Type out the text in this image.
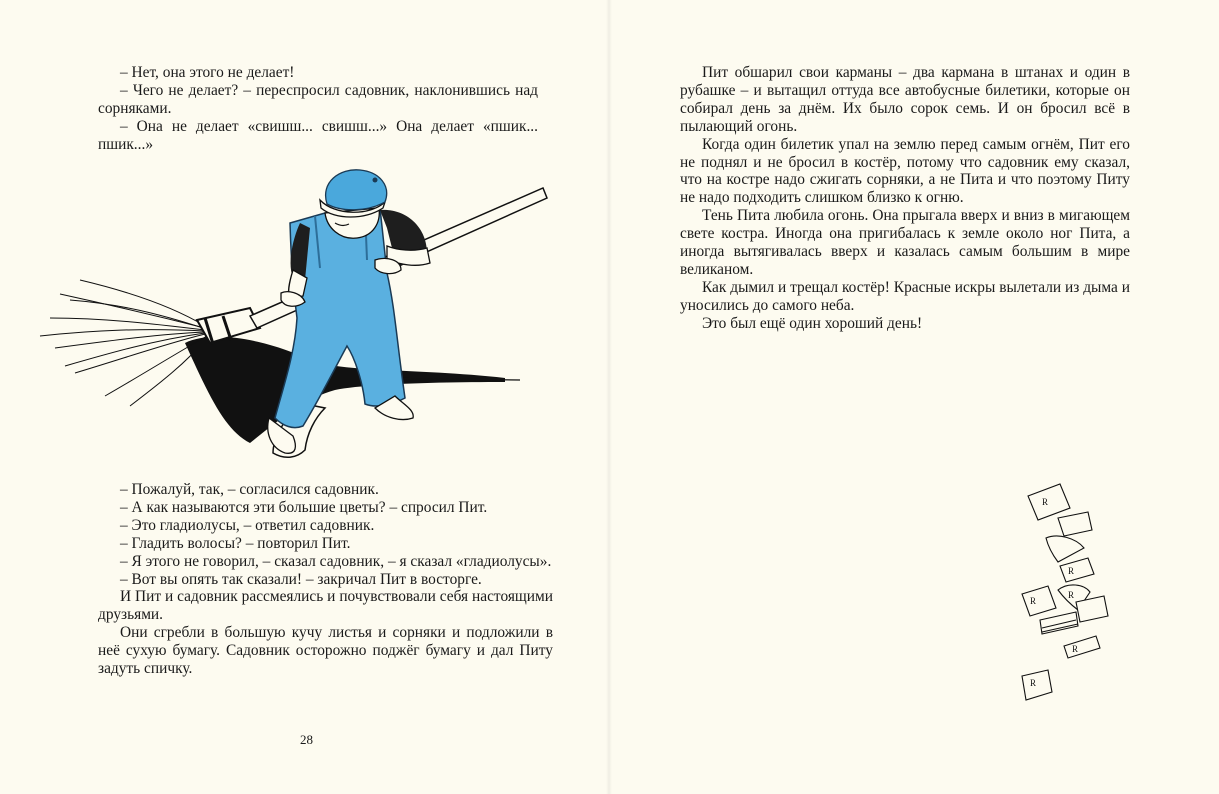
– Нет, она этого не делает!

– Чего не делает? – переспросил садовник, наклонившись над сорняками.

– Она не делает «свишш... свишш...» Она делает «пшик... пшик...»

– Пожалуй, так, – согласился садовник.

– А как называются эти большие цветы? – спросил Пит.

– Это гладиолусы, – ответил садовник.

– Гладить волосы? – повторил Пит.

– Я этого не говорил, – сказал садовник, – я сказал «гладиолусы».

– Вот вы опять так сказали! – закричал Пит в восторге.

И Пит и садовник рассмеялись и почувствовали себя настоящими друзьями.

Они сгребли в большую кучу листья и сорняки и подложили в неё сухую бумагу. Садовник осторожно поджёг бумагу и дал Питу задуть спичку.

28

Пит обшарил свои карманы – два кармана в штанах и один в рубашке – и вытащил оттуда все автобусные билетики, которые он собирал день за днём. Их было сорок семь. И он бросил всё в пылающий огонь.

Когда один билетик упал на землю перед самым огнём, Пит его не поднял и не бросил в костёр, потому что садовник ему сказал, что на костре надо сжигать сорняки, а не Пита и что поэтому Питу не надо подходить слишком близко к огню.

Тень Пита любила огонь. Она прыгала вверх и вниз в мигающем свете костра. Иногда она пригибалась к земле около ног Пита, а иногда вытягивалась вверх и казалась самым большим в мире великаном.

Как дымил и трещал костёр! Красные искры вылетали из дыма и уносились до самого неба.

Это был ещё один хороший день!

R
R
R
R
R
R
